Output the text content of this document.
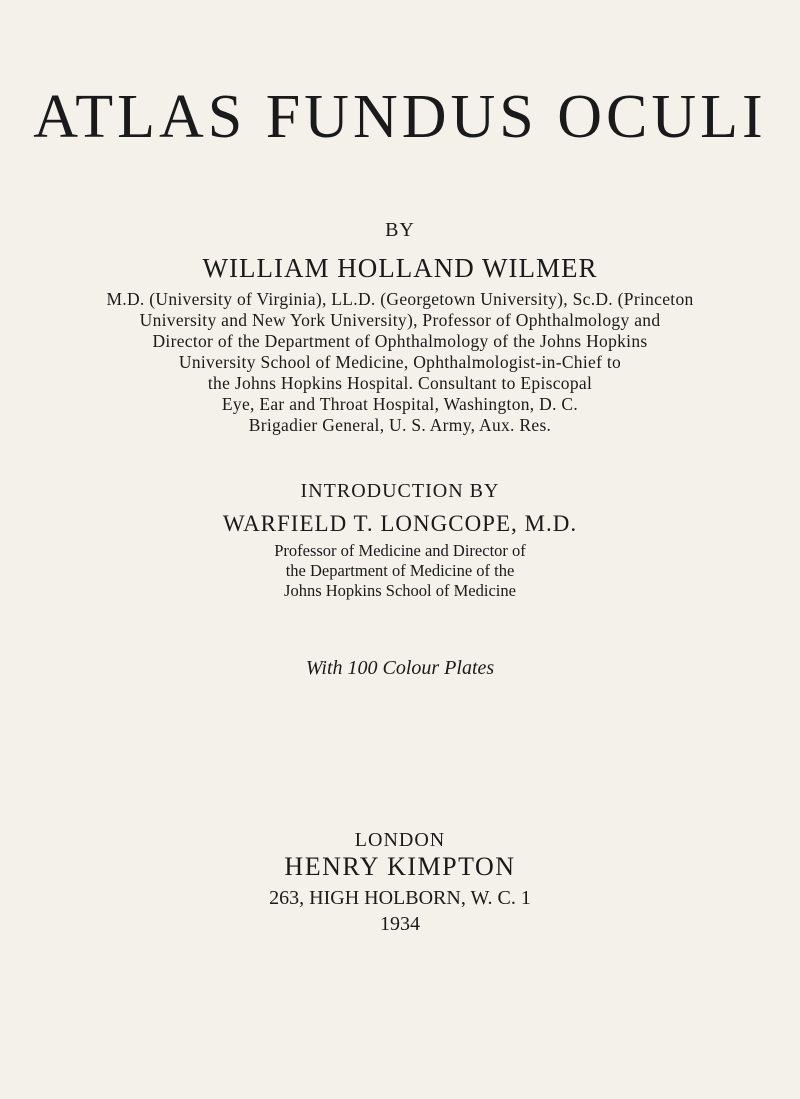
ATLAS FUNDUS OCULI
BY
WILLIAM HOLLAND WILMER
M.D. (University of Virginia), LL.D. (Georgetown University), Sc.D. (Princeton
University and New York University), Professor of Ophthalmology and
Director of the Department of Ophthalmology of the Johns Hopkins
University School of Medicine, Ophthalmologist-in-Chief to
the Johns Hopkins Hospital. Consultant to Episcopal
Eye, Ear and Throat Hospital, Washington, D. C.
Brigadier General, U. S. Army, Aux. Res.
INTRODUCTION BY
WARFIELD T. LONGCOPE, M.D.
Professor of Medicine and Director of
the Department of Medicine of the
Johns Hopkins School of Medicine
With 100 Colour Plates
LONDON
HENRY KIMPTON
263, HIGH HOLBORN, W. C. 1
1934
